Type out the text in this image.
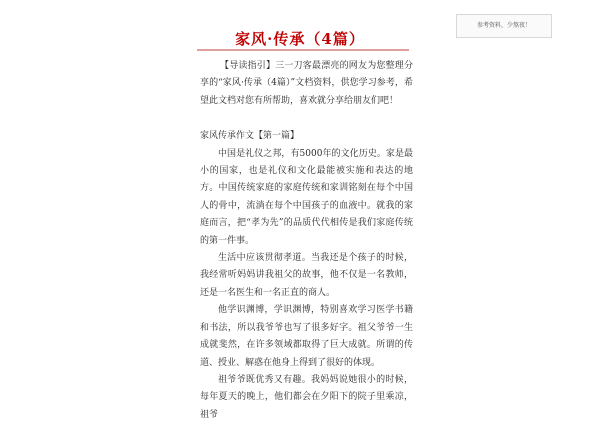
参考资料，少熬夜！
家风·传承（4篇）

【导读指引】三一刀客最漂亮的网友为您整理分享的“家风·传承（4篇）”文档资料，供您学习参考，希望此文档对您有所帮助，喜欢就分享给朋友们吧！

家风传承作文【第一篇】

中国是礼仪之邦，有5000年的文化历史。家是最小的国家，也是礼仪和文化最能被实施和表达的地方。中国传统家庭的家庭传统和家训铭刻在每个中国人的骨中，流淌在每个中国孩子的血液中。就我的家庭而言，把“孝为先”的品质代代相传是我们家庭传统的第一件事。

生活中应该贯彻孝道。当我还是个孩子的时候，我经常听妈妈讲我祖父的故事，他不仅是一名教师，还是一名医生和一名正直的商人。

他学识渊博，学识渊博，特别喜欢学习医学书籍和书法，所以我爷爷也写了很多好字。祖父爷爷一生成就斐然，在许多领域都取得了巨大成就。所谓的传道、授业、解惑在他身上得到了很好的体现。

祖爷爷既优秀又有趣。我妈妈说她很小的时候，每年夏天的晚上，他们都会在夕阳下的院子里乘凉，祖爷
